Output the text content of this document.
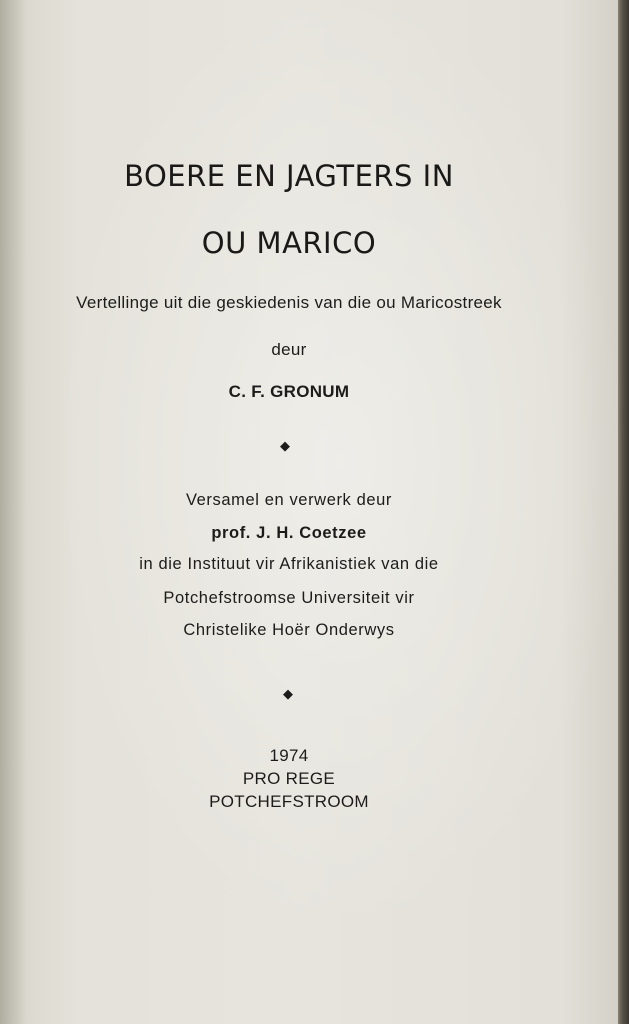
BOERE EN JAGTERS IN
OU MARICO
Vertellinge uit die geskiedenis van die ou Maricostreek
deur
C. F. GRONUM
◆
Versamel en verwerk deur
prof. J. H. Coetzee
in die Instituut vir Afrikanistiek van die
Potchefstroomse Universiteit vir
Christelike Hoër Onderwys
◆
1974
PRO REGE
POTCHEFSTROOM
